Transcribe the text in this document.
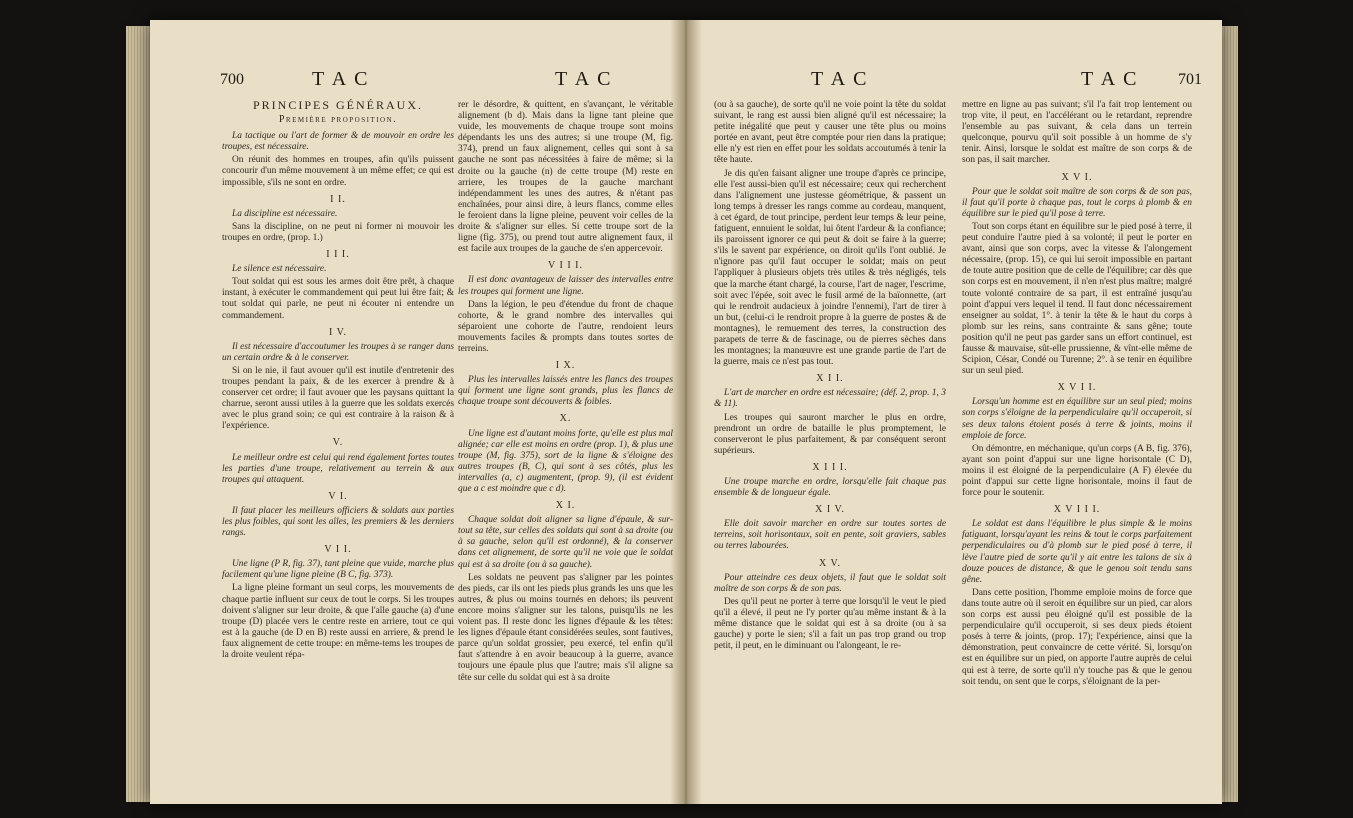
700	T A C	T A C

PRINCIPES GÉNÉRAUX.

Première proposition.

La tactique ou l'art de former & de mouvoir en ordre les troupes, est nécessaire.

On réunit des hommes en troupes, afin qu'ils puissent concourir d'un même mouvement à un même effet; ce qui est impossible, s'ils ne sont en ordre.

I I.

La discipline est nécessaire.

Sans la discipline, on ne peut ni former ni mouvoir les troupes en ordre, (prop. 1.)

I I I.

Le silence est nécessaire.

Tout soldat qui est sous les armes doit être prêt, à chaque instant, à exécuter le commandement qui peut lui être fait; & tout soldat qui parle, ne peut ni écouter ni entendre un commandement.

I V.

Il est nécessaire d'accoutumer les troupes à se ranger dans un certain ordre & à le conserver.

Si on le nie, il faut avouer qu'il est inutile d'entretenir des troupes pendant la paix, & de les exercer à prendre & à conserver cet ordre; il faut avouer que les paysans quittant la charrue, seront aussi utiles à la guerre que les soldats exercés avec le plus grand soin; ce qui est contraire à la raison & à l'expérience.

V.

Le meilleur ordre est celui qui rend également fortes toutes les parties d'une troupe, relativement au terrein & aux troupes qui attaquent.

V I.

Il faut placer les meilleurs officiers & soldats aux parties les plus foibles, qui sont les aîles, les premiers & les derniers rangs.

V I I.

Une ligne (P R, fig. 37), tant pleine que vuide, marche plus facilement qu'une ligne pleine (B C, fig. 373).

La ligne pleine formant un seul corps, les mouvements de chaque partie influent sur ceux de tout le corps. Si les troupes doivent s'aligner sur leur droite, & que l'aîle gauche (a) d'une troupe (D) placée vers le centre reste en arriere, tout ce qui est à la gauche (de D en B) reste aussi en arriere, & prend le faux alignement de cette troupe: en même-tems les troupes de la droite veulent répa-

rer le désordre, & quittent, en s'avançant, le véritable alignement (b d). Mais dans la ligne tant pleine que vuide, les mouvements de chaque troupe sont moins dépendants les uns des autres; si une troupe (M, fig. 374), prend un faux alignement, celles qui sont à sa gauche ne sont pas nécessitées à faire de même; si la droite ou la gauche (n) de cette troupe (M) reste en arriere, les troupes de la gauche marchant indépendamment les unes des autres, & n'étant pas enchaînées, pour ainsi dire, à leurs flancs, comme elles le feroient dans la ligne pleine, peuvent voir celles de la droite & s'aligner sur elles. Si cette troupe sort de la ligne (fig. 375), ou prend tout autre alignement faux, il est facile aux troupes de la gauche de s'en appercevoir.

V I I I.

Il est donc avantageux de laisser des intervalles entre les troupes qui forment une ligne.

Dans la légion, le peu d'étendue du front de chaque cohorte, & le grand nombre des intervalles qui séparoient une cohorte de l'autre, rendoient leurs mouvements faciles & prompts dans toutes sortes de terreins.

I X.

Plus les intervalles laissés entre les flancs des troupes qui forment une ligne sont grands, plus les flancs de chaque troupe sont découverts & foibles.

X.

Une ligne est d'autant moins forte, qu'elle est plus mal alignée; car elle est moins en ordre (prop. 1), & plus une troupe (M, fig. 375), sort de la ligne & s'éloigne des autres troupes (B, C), qui sont à ses côtés, plus les intervalles (a, c) augmentent, (prop. 9), (il est évident que a c est moindre que c d).

X I.

Chaque soldat doit aligner sa ligne d'épaule, & sur-tout sa tête, sur celles des soldats qui sont à sa droite (ou à sa gauche, selon qu'il est ordonné), & la conserver dans cet alignement, de sorte qu'il ne voie que le soldat qui est à sa droite (ou à sa gauche).

Les soldats ne peuvent pas s'aligner par les pointes des pieds, car ils ont les pieds plus grands les uns que les autres, & plus ou moins tournés en dehors; ils peuvent encore moins s'aligner sur les talons, puisqu'ils ne les voient pas. Il reste donc les lignes d'épaule & les têtes: les lignes d'épaule étant considérées seules, sont fautives, parce qu'un soldat grossier, peu exercé, tel enfin qu'il faut s'attendre à en avoir beaucoup à la guerre, avance toujours une épaule plus que l'autre; mais s'il aligne sa tête sur celle du soldat qui est à sa droite

701
T A C	T A C

(ou à sa gauche), de sorte qu'il ne voie point la tête du soldat suivant, le rang est aussi bien aligné qu'il est nécessaire; la petite inégalité que peut y causer une tête plus ou moins portée en avant, peut être comptée pour rien dans la pratique; elle n'y est rien en effet pour les soldats accoutumés à tenir la tête haute.

Je dis qu'en faisant aligner une troupe d'après ce principe, elle l'est aussi-bien qu'il est nécessaire; ceux qui recherchent dans l'alignement une justesse géométrique, & passent un long temps à dresser les rangs comme au cordeau, manquent, à cet égard, de tout principe, perdent leur temps & leur peine, fatiguent, ennuient le soldat, lui ôtent l'ardeur & la confiance; ils paroissent ignorer ce qui peut & doit se faire à la guerre; s'ils le savent par expérience, on diroit qu'ils l'ont oublié. Je n'ignore pas qu'il faut occuper le soldat; mais on peut l'appliquer à plusieurs objets très utiles & très négligés, tels que la marche étant chargé, la course, l'art de nager, l'escrime, soit avec l'épée, soit avec le fusil armé de la baïonnette, (art qui le rendroit audacieux à joindre l'ennemi), l'art de tirer à un but, (celui-ci le rendroit propre à la guerre de postes & de montagnes), le remuement des terres, la construction des parapets de terre & de fascinage, ou de pierres sèches dans les montagnes; la manœuvre est une grande partie de l'art de la guerre, mais ce n'est pas tout.

X I I.

L'art de marcher en ordre est nécessaire; (déf. 2, prop. 1, 3 & 11).

Les troupes qui sauront marcher le plus en ordre, prendront un ordre de bataille le plus promptement, le conserveront le plus parfaitement, & par conséquent seront supérieurs.

X I I I.

Une troupe marche en ordre, lorsqu'elle fait chaque pas ensemble & de longueur égale.

X I V.

Elle doit savoir marcher en ordre sur toutes sortes de terreins, soit horisontaux, soit en pente, soit graviers, sables ou terres labourées.

X V.

Pour atteindre ces deux objets, il faut que le soldat soit maître de son corps & de son pas.

Des qu'il peut ne porter à terre que lorsqu'il le veut le pied qu'il a élevé, il peut ne l'y porter qu'au même instant & à la même distance que le soldat qui est à sa droite (ou à sa gauche) y porte le sien; s'il a fait un pas trop grand ou trop petit, il peut, en le diminuant ou l'alongeant, le re-

mettre en ligne au pas suivant; s'il l'a fait trop lentement ou trop vite, il peut, en l'accélérant ou le retardant, reprendre l'ensemble au pas suivant, & cela dans un terrein quelconque, pourvu qu'il soit possible à un homme de s'y tenir. Ainsi, lorsque le soldat est maître de son corps & de son pas, il sait marcher.

X V I.

Pour que le soldat soit maître de son corps & de son pas, il faut qu'il porte à chaque pas, tout le corps à plomb & en équilibre sur le pied qu'il pose à terre.

Tout son corps étant en équilibre sur le pied posé à terre, il peut conduire l'autre pied à sa volonté; il peut le porter en avant, ainsi que son corps, avec la vitesse & l'alongement nécessaire, (prop. 15), ce qui lui seroit impossible en partant de toute autre position que de celle de l'équilibre; car dès que son corps est en mouvement, il n'en n'est plus maître; malgré toute volonté contraire de sa part, il est entraîné jusqu'au point d'appui vers lequel il tend. Il faut donc nécessairement enseigner au soldat, 1°. à tenir la tête & le haut du corps à plomb sur les reins, sans contrainte & sans gêne; toute position qu'il ne peut pas garder sans un effort continuel, est fausse & mauvaise, sût-elle prussienne, & vînt-elle même de Scipion, César, Condé ou Turenne; 2°. à se tenir en équilibre sur un seul pied.

X V I I.

Lorsqu'un homme est en équilibre sur un seul pied; moins son corps s'éloigne de la perpendiculaire qu'il occuperoit, si ses deux talons étoient posés à terre & joints, moins il emploie de force.

On démontre, en méchanique, qu'un corps (A B, fig. 376), ayant son point d'appui sur une ligne horisontale (C D), moins il est éloigné de la perpendiculaire (A F) élevée du point d'appui sur cette ligne horisontale, moins il faut de force pour le soutenir.

X V I I I.

Le soldat est dans l'équilibre le plus simple & le moins fatiguant, lorsqu'ayant les reins & tout le corps parfaitement perpendiculaires ou d'à plomb sur le pied posé à terre, il lève l'autre pied de sorte qu'il y ait entre les talons de six à douze pouces de distance, & que le genou soit tendu sans gêne.

Dans cette position, l'homme emploie moins de force que dans toute autre où il seroit en équilibre sur un pied, car alors son corps est aussi peu éloigné qu'il est possible de la perpendiculaire qu'il occuperoit, si ses deux pieds étoient posés à terre & joints, (prop. 17); l'expérience, ainsi que la démonstration, peut convaincre de cette vérité. Si, lorsqu'on est en équilibre sur un pied, on apporte l'autre auprès de celui qui est à terre, de sorte qu'il n'y touche pas & que le genou soit tendu, on sent que le corps, s'éloignant de la per-
